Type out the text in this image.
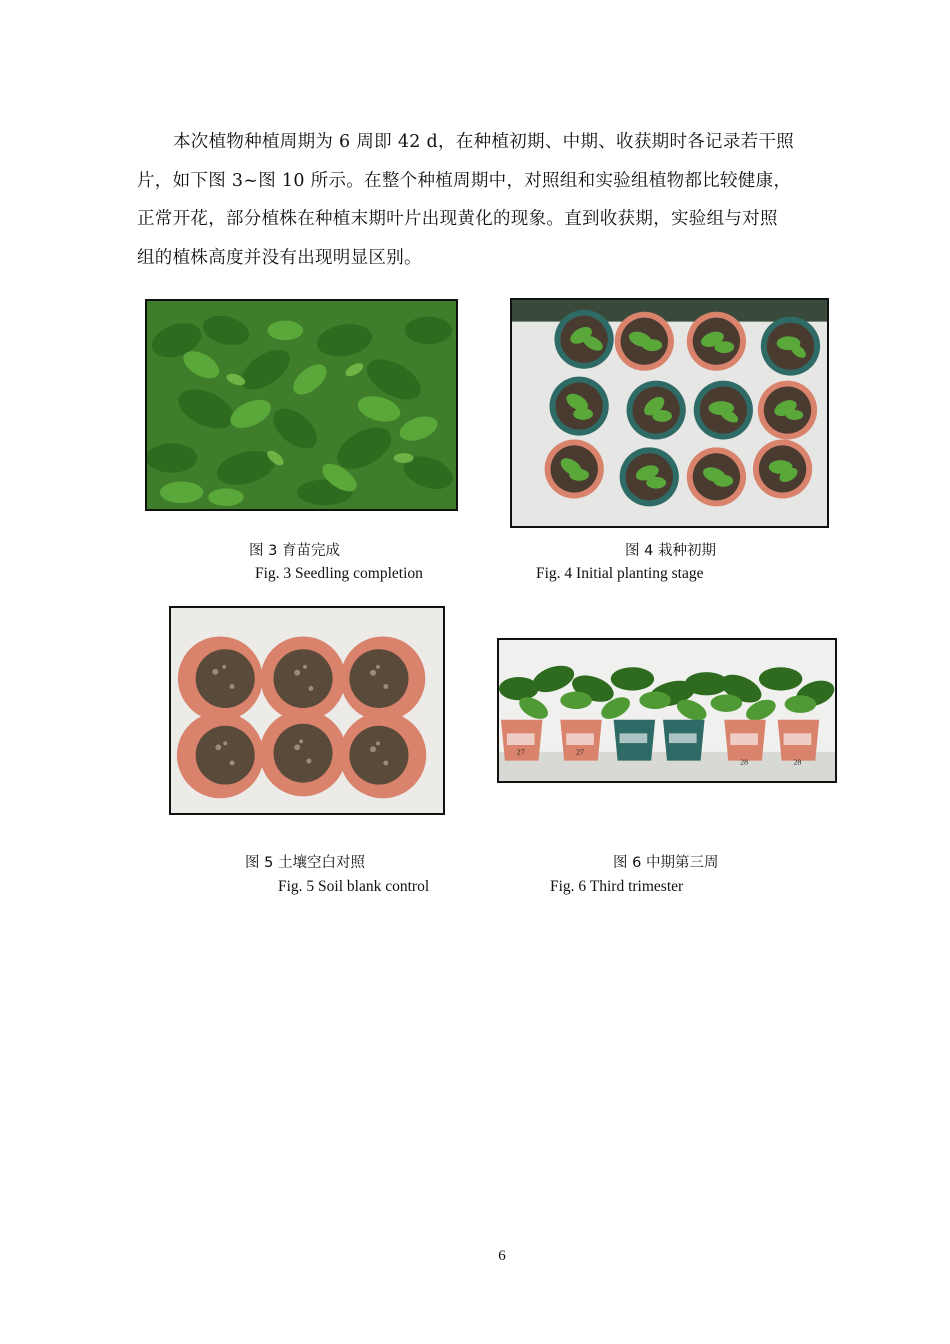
本次植物种植周期为 6 周即 42 d，在种植初期、中期、收获期时各记录若干照
片，如下图 3~图 10 所示。在整个种植周期中，对照组和实验组植物都比较健康，
正常开花，部分植株在种植末期叶片出现黄化的现象。直到收获期，实验组与对照
组的植株高度并没有出现明显区别。

27	27
28	28
图 3 育苗完成
Fig. 3 Seedling completion
图 4 栽种初期
Fig. 4 Initial planting stage
图 5 土壤空白对照
Fig. 5 Soil blank control
图 6 中期第三周
Fig. 6 Third trimester
6
